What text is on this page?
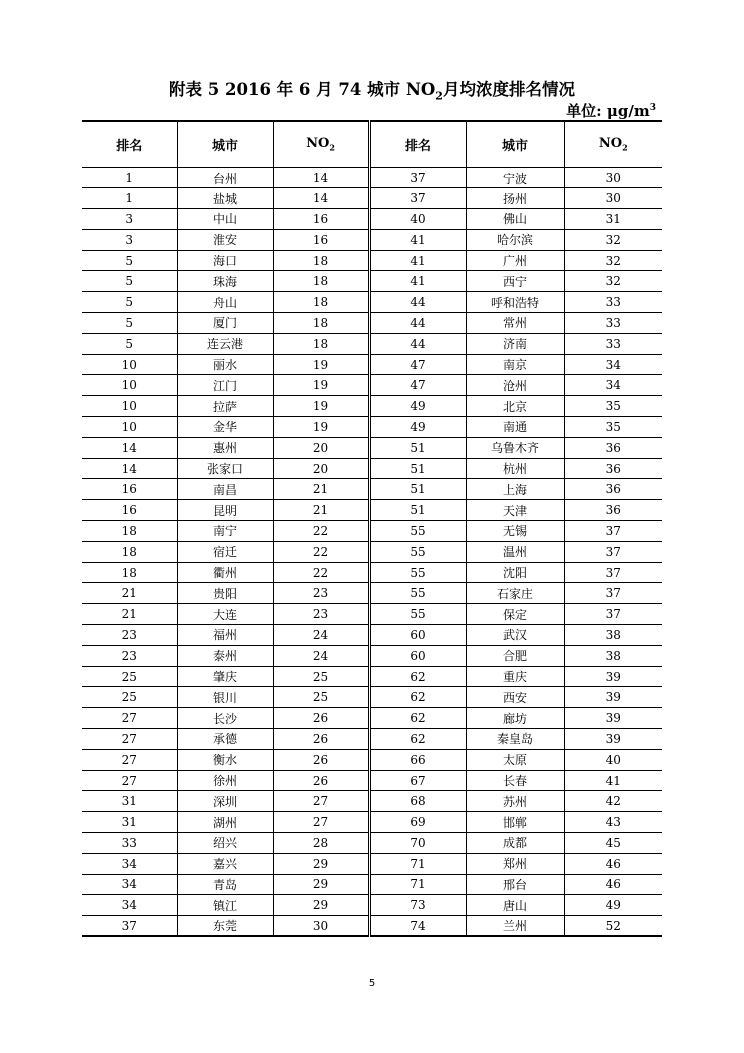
附表 5 2016 年 6 月 74 城市 $NO_2$月均浓度排名情况
单位: $\mu g/m^3$
排名	城市	$NO_2$	排名	城市	$NO_2$
1	台州	14	37	宁波	30
1	盐城	14	37	扬州	30
3	中山	16	40	佛山	31
3	淮安	16	41	哈尔滨	32
5	海口	18	41	广州	32
5	珠海	18	41	西宁	32
5	舟山	18	44	呼和浩特	33
5	厦门	18	44	常州	33
5	连云港	18	44	济南	33
10	丽水	19	47	南京	34
10	江门	19	47	沧州	34
10	拉萨	19	49	北京	35
10	金华	19	49	南通	35
14	惠州	20	51	乌鲁木齐	36
14	张家口	20	51	杭州	36
16	南昌	21	51	上海	36
16	昆明	21	51	天津	36
18	南宁	22	55	无锡	37
18	宿迁	22	55	温州	37
18	衢州	22	55	沈阳	37
21	贵阳	23	55	石家庄	37
21	大连	23	55	保定	37
23	福州	24	60	武汉	38
23	泰州	24	60	合肥	38
25	肇庆	25	62	重庆	39
25	银川	25	62	西安	39
27	长沙	26	62	廊坊	39
27	承德	26	62	秦皇岛	39
27	衡水	26	66	太原	40
27	徐州	26	67	长春	41
31	深圳	27	68	苏州	42
31	湖州	27	69	邯郸	43
33	绍兴	28	70	成都	45
34	嘉兴	29	71	郑州	46
34	青岛	29	71	邢台	46
34	镇江	29	73	唐山	49
37	东莞	30	74	兰州	52
5
